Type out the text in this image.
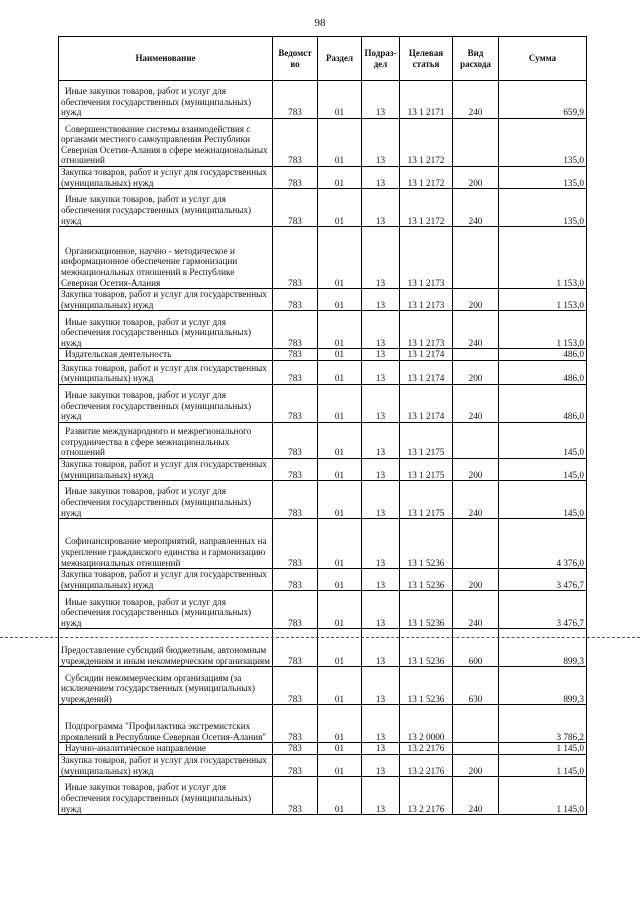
98
Наименование	Ведомст во	Раздел	Подраз- дел	Целевая статья	Вид расхода	Сумма
Иные закупки товаров, работ и услуг для обеспечения государственных (муниципальных) нужд	783	01	13	13 1 2171	240	659,9
Совершенствование системы взаимодействия с органами местного самоуправления Республики Северная Осетия-Алания в сфере межнациональных отношений	783	01	13	13 1 2172		135,0
Закупка товаров, работ и услуг для государственных (муниципальных) нужд	783	01	13	13 1 2172	200	135,0
Иные закупки товаров, работ и услуг для обеспечения государственных (муниципальных) нужд	783	01	13	13 1 2172	240	135,0
Организационное, научно - методическое и информационное обеспечение гармонизации межнациональных отношений в Республике Северная Осетия-Алания	783	01	13	13 1 2173		1 153,0
Закупка товаров, работ и услуг для государственных (муниципальных) нужд	783	01	13	13 1 2173	200	1 153,0
Иные закупки товаров, работ и услуг для обеспечения государственных (муниципальных) нужд	783	01	13	13 1 2173	240	1 153,0
Издательская деятельность	783	01	13	13 1 2174		486,0
Закупка товаров, работ и услуг для государственных (муниципальных) нужд	783	01	13	13 1 2174	200	486,0
Иные закупки товаров, работ и услуг для обеспечения государственных (муниципальных) нужд	783	01	13	13 1 2174	240	486,0
Развитие международного и межрегионального сотрудничества в сфере межнациональных отношений	783	01	13	13 1 2175		145,0
Закупка товаров, работ и услуг для государственных (муниципальных) нужд	783	01	13	13 1 2175	200	145,0
Иные закупки товаров, работ и услуг для обеспечения государственных (муниципальных) нужд	783	01	13	13 1 2175	240	145,0
Софинансирование мероприятий, направленных на укрепление гражданского единства и гармонизацию межнациональных отношений	783	01	13	13 1 5236		4 376,0
Закупка товаров, работ и услуг для государственных (муниципальных) нужд	783	01	13	13 1 5236	200	3 476,7
Иные закупки товаров, работ и услуг для обеспечения государственных (муниципальных) нужд	783	01	13	13 1 5236	240	3 476,7
Предоставление субсидий бюджетным, автономным учреждениям и иным некоммерческим организациям	783	01	13	13 1 5236	600	899,3
Субсидии некоммерческим организациям (за исключением государственных (муниципальных) учреждений)	783	01	13	13 1 5236	630	899,3
Подпрограмма "Профилактика экстремистских проявлений в Республике Северная Осетия-Алания"	783	01	13	13 2 0000		3 786,2
Научно-аналитическое направление	783	01	13	13 2 2176		1 145,0
Закупка товаров, работ и услуг для государственных (муниципальных) нужд	783	01	13	13 2 2176	200	1 145,0
Иные закупки товаров, работ и услуг для обеспечения государственных (муниципальных) нужд	783	01	13	13 2 2176	240	1 145,0
